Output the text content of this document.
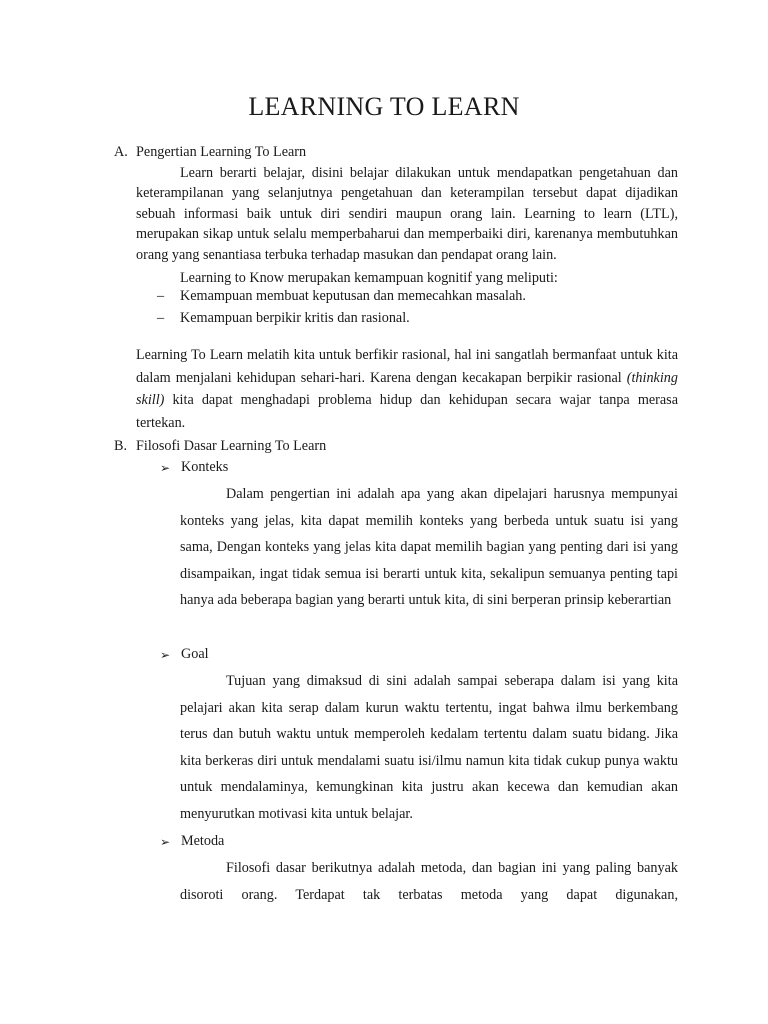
LEARNING TO LEARN
A. Pengertian Learning To Learn
Learn berarti belajar, disini belajar dilakukan untuk mendapatkan pengetahuan dan keterampilanan yang selanjutnya pengetahuan dan keterampilan tersebut dapat dijadikan sebuah informasi baik untuk diri sendiri maupun orang lain. Learning to learn (LTL), merupakan sikap untuk selalu memperbaharui dan memperbaiki diri, karenanya membutuhkan orang yang senantiasa terbuka terhadap masukan dan pendapat orang lain.
Learning to Know merupakan kemampuan kognitif yang meliputi:
– Kemampuan membuat keputusan dan memecahkan masalah.
– Kemampuan berpikir kritis dan rasional.
Learning To Learn melatih kita untuk berfikir rasional, hal ini sangatlah bermanfaat untuk kita dalam menjalani kehidupan sehari-hari. Karena dengan kecakapan berpikir rasional (thinking skill) kita dapat menghadapi problema hidup dan kehidupan secara wajar tanpa merasa tertekan.
B. Filosofi Dasar Learning To Learn
➢ Konteks
Dalam pengertian ini adalah apa yang akan dipelajari harusnya mempunyai konteks yang jelas, kita dapat memilih konteks yang berbeda untuk suatu isi yang sama, Dengan konteks yang jelas kita dapat memilih bagian yang penting dari isi yang disampaikan, ingat tidak semua isi berarti untuk kita, sekalipun semuanya penting tapi hanya ada beberapa bagian yang berarti untuk kita, di sini berperan prinsip keberartian
➢ Goal
Tujuan yang dimaksud di sini adalah sampai seberapa dalam isi yang kita pelajari akan kita serap dalam kurun waktu tertentu, ingat bahwa ilmu berkembang terus dan butuh waktu untuk memperoleh kedalam tertentu dalam suatu bidang. Jika kita berkeras diri untuk mendalami suatu isi/ilmu namun kita tidak cukup punya waktu untuk mendalaminya, kemungkinan kita justru akan kecewa dan kemudian akan menyurutkan motivasi kita untuk belajar.
➢ Metoda
Filosofi dasar berikutnya adalah metoda, dan bagian ini yang paling banyak disoroti orang. Terdapat tak terbatas metoda yang dapat digunakan,
